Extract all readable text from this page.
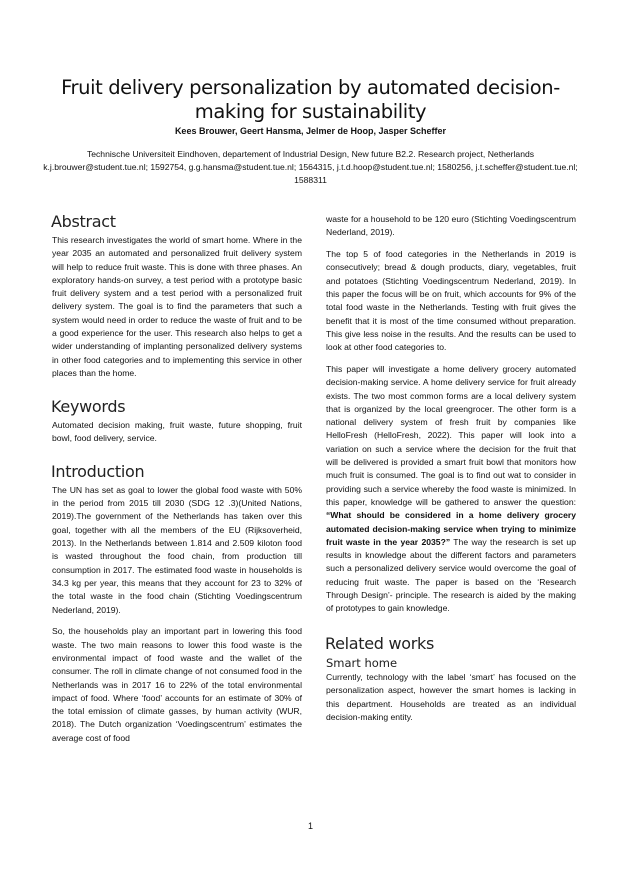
Fruit delivery personalization by automated decision-making for sustainability
Kees Brouwer, Geert Hansma, Jelmer de Hoop, Jasper Scheffer
Technische Universiteit Eindhoven, departement of Industrial Design, New future B2.2. Research project, Netherlands
k.j.brouwer@student.tue.nl; 1592754, g.g.hansma@student.tue.nl; 1564315, j.t.d.hoop@student.tue.nl; 1580256, j.t.scheffer@student.tue.nl; 1588311
Abstract

This research investigates the world of smart home. Where in the year 2035 an automated and personalized fruit delivery system will help to reduce fruit waste. This is done with three phases. An exploratory hands-on survey, a test period with a prototype basic fruit delivery system and a test period with a personalized fruit delivery system. The goal is to find the parameters that such a system would need in order to reduce the waste of fruit and to be a good experience for the user. This research also helps to get a wider understanding of implanting personalized delivery systems in other food categories and to implementing this service in other places than the home.

Keywords

Automated decision making, fruit waste, future shopping, fruit bowl, food delivery, service.

Introduction

The UN has set as goal to lower the global food waste with 50% in the period from 2015 till 2030 (SDG 12 .3)(United Nations, 2019).The government of the Netherlands has taken over this goal, together with all the members of the EU (Rijksoverheid, 2013). In the Netherlands between 1.814 and 2.509 kiloton food is wasted throughout the food chain, from production till consumption in 2017. The estimated food waste in households is 34.3 kg per year, this means that they account for 23 to 32% of the total waste in the food chain (Stichting Voedingscentrum Nederland, 2019).

So, the households play an important part in lowering this food waste. The two main reasons to lower this food waste is the environmental impact of food waste and the wallet of the consumer. The roll in climate change of not consumed food in the Netherlands was in 2017 16 to 22% of the total environmental impact of food. Where ‘food’ accounts for an estimate of 30% of the total emission of climate gasses, by human activity (WUR, 2018). The Dutch organization ‘Voedingscentrum’ estimates the average cost of food

waste for a household to be 120 euro (Stichting Voedingscentrum Nederland, 2019).

The top 5 of food categories in the Netherlands in 2019 is consecutively; bread & dough products, diary, vegetables, fruit and potatoes (Stichting Voedingscentrum Nederland, 2019). In this paper the focus will be on fruit, which accounts for 9% of the total food waste in the Netherlands. Testing with fruit gives the benefit that it is most of the time consumed without preparation. This give less noise in the results. And the results can be used to look at other food categories to.

This paper will investigate a home delivery grocery automated decision-making service. A home delivery service for fruit already exists. The two most common forms are a local delivery system that is organized by the local greengrocer. The other form is a national delivery system of fresh fruit by companies like HelloFresh (HelloFresh, 2022). This paper will look into a variation on such a service where the decision for the fruit that will be delivered is provided a smart fruit bowl that monitors how much fruit is consumed. The goal is to find out wat to consider in providing such a service whereby the food waste is minimized. In this paper, knowledge will be gathered to answer the question: “What should be considered in a home delivery grocery automated decision-making service when trying to minimize fruit waste in the year 2035?” The way the research is set up results in knowledge about the different factors and parameters such a personalized delivery service would overcome the goal of reducing fruit waste. The paper is based on the ‘Research Through Design’- principle. The research is aided by the making of prototypes to gain knowledge.

Related works
Smart home

Currently, technology with the label ‘smart’ has focused on the personalization aspect, however the smart homes is lacking in this department. Households are treated as an individual decision-making entity.

1
